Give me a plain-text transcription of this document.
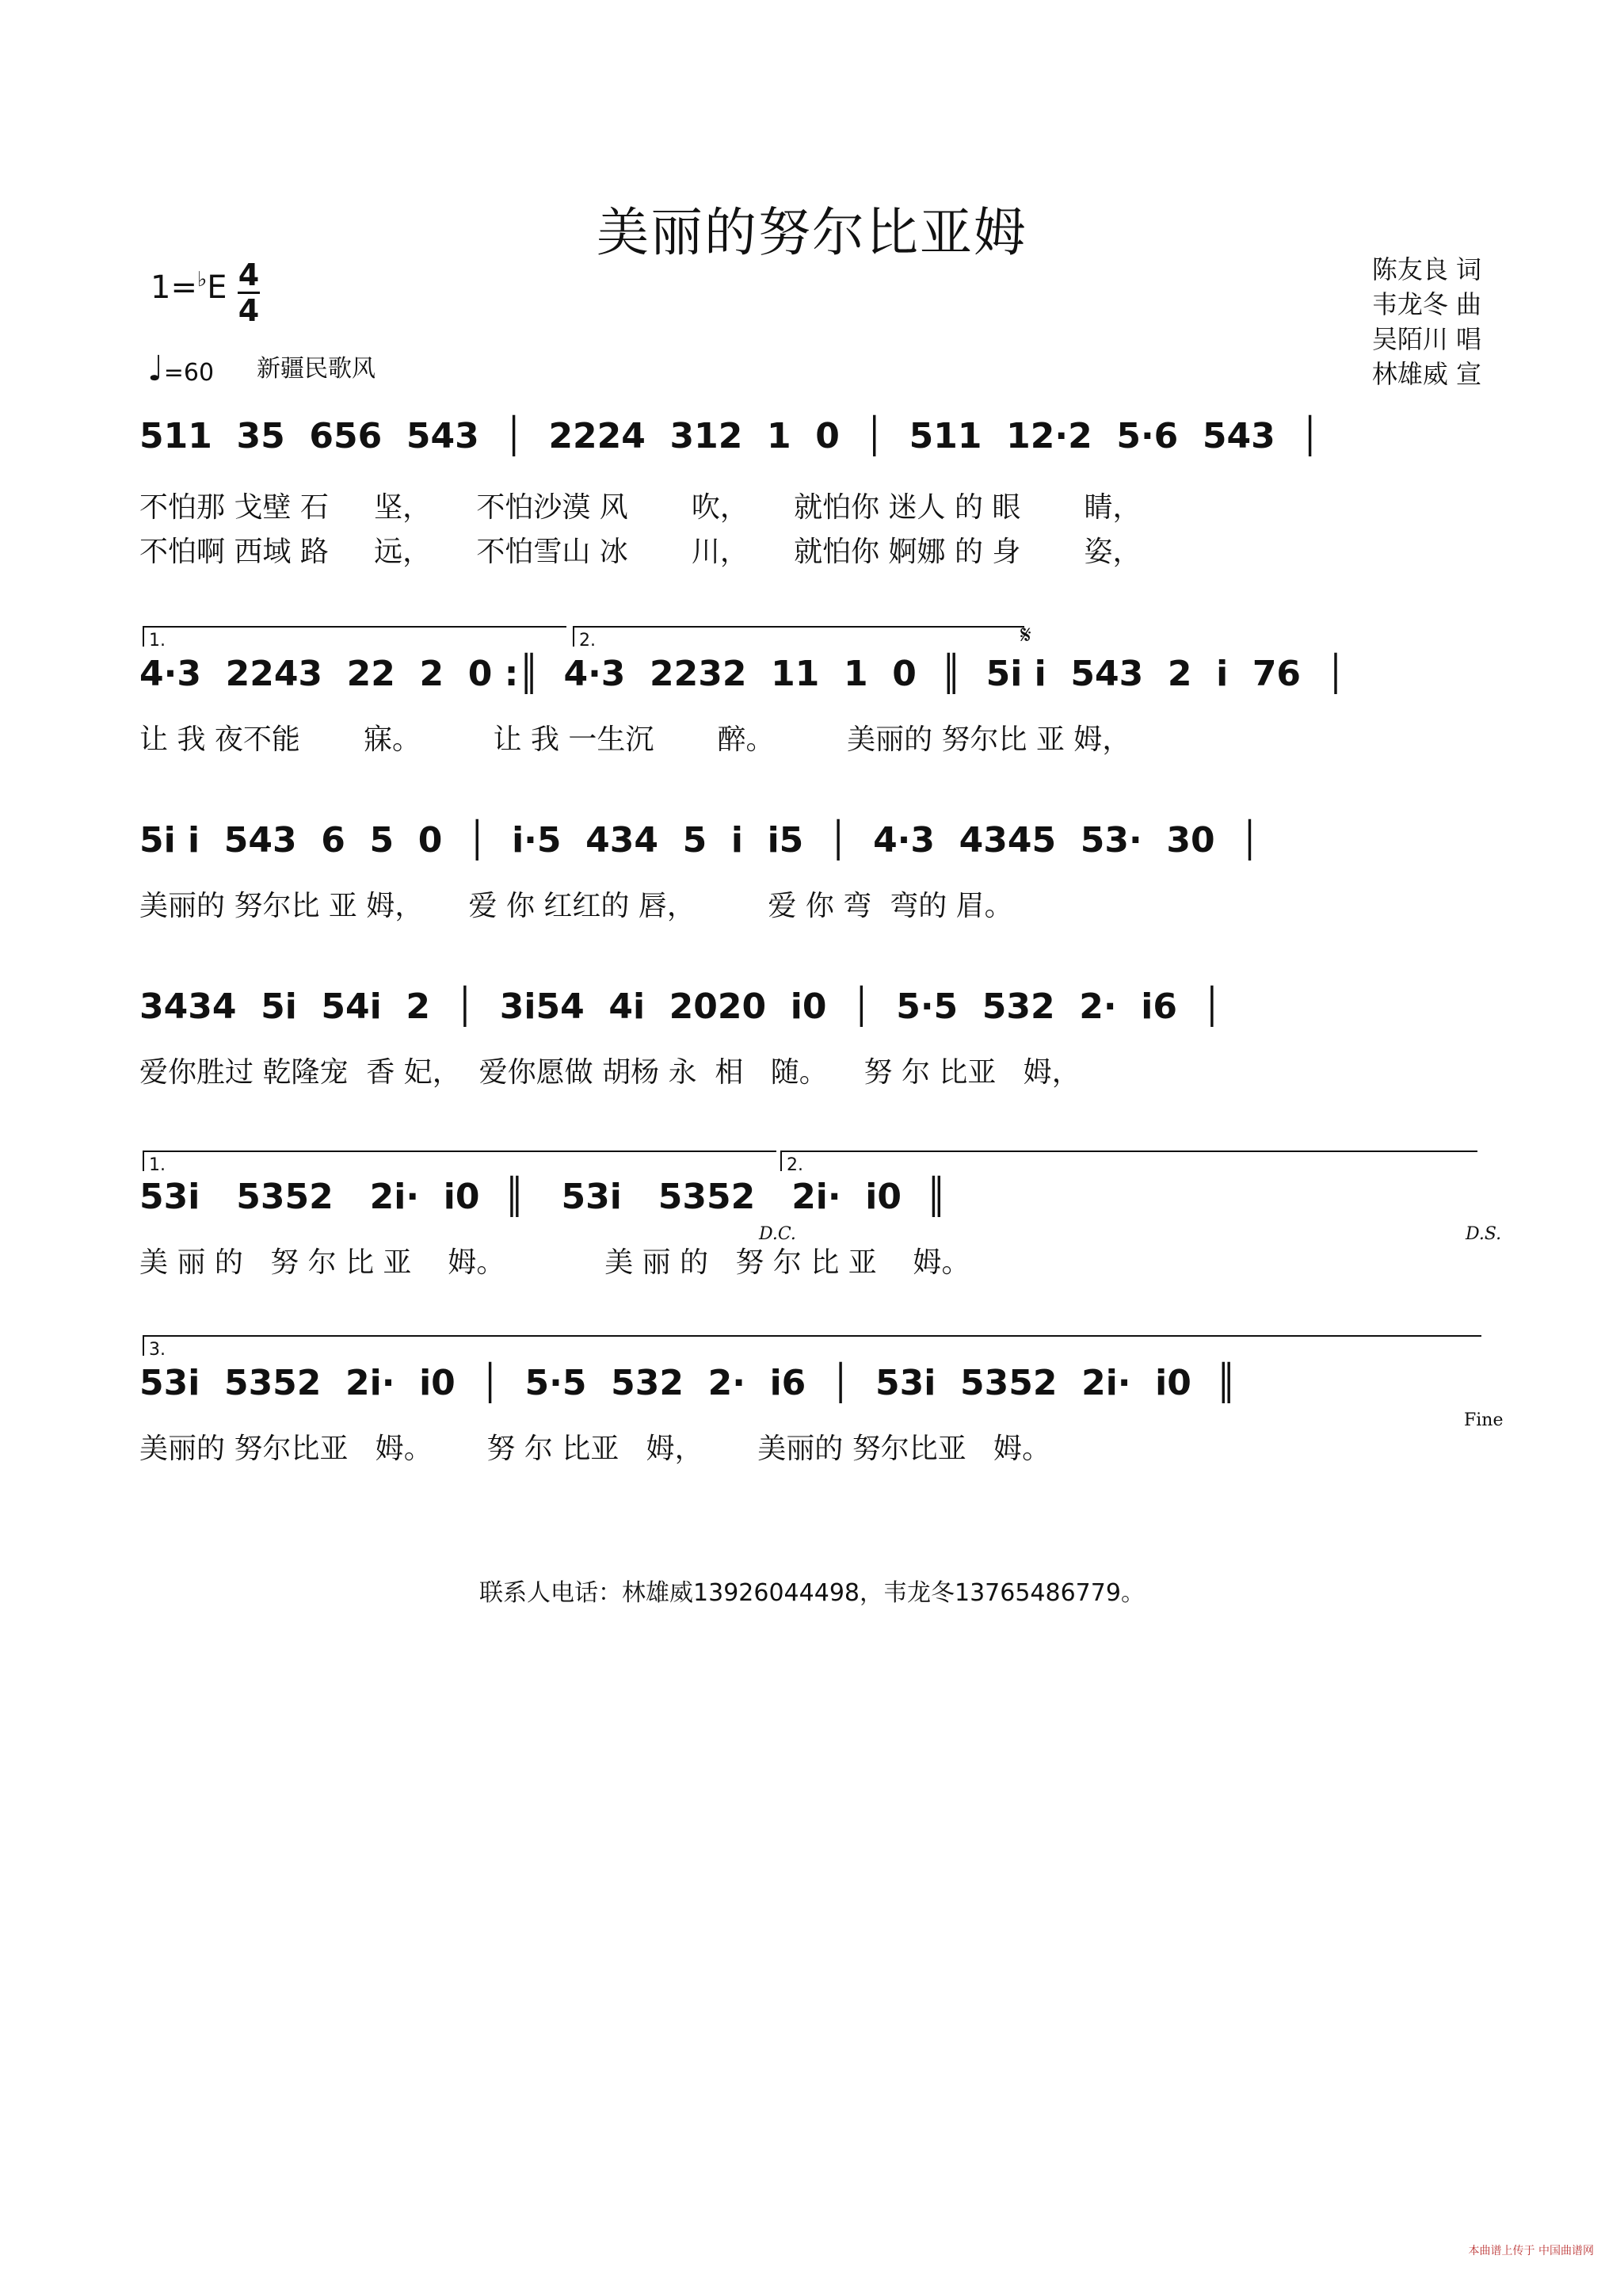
美丽的努尔比亚姆
陈友良 词
韦龙冬 曲
吴陌川 唱
林雄威 宣
1=♭E 4
4
♩=60 新疆民歌风
511  35  656  543  │  2224  312  1  0  │  511  12·2  5·6  543  │
不怕那 戈壁 石     坚，     不怕沙漠 风       吹，     就怕你 迷人 的 眼       睛，
不怕啊 西域 路     远，     不怕雪山 冰       川，     就怕你 婀娜 的 身       姿，
1.	2.	𝄋
4·3  2243  22  2  0 :║  4·3  2232  11  1  0  ║  5i i  543  2  i  76  │
让 我 夜不能       寐。        让 我 一生沉       醉。        美丽的 努尔比 亚 姆，
5i i  543  6  5  0  │  i·5  434  5  i  i5  │  4·3  4345  53·  30  │
美丽的 努尔比 亚 姆，     爱 你 红红的 唇，        爱 你 弯  弯的 眉。
3434  5i  54i  2  │  3i54  4i  2020  i0  │  5·5  532  2·  i6  │
爱你胜过 乾隆宠  香 妃，  爱你愿做 胡杨 永  相   随。    努 尔 比亚   姆，
1.	2.
53i   5352   2i·  i0  ║   53i   5352   2i·  i0  ║
D.C.	D.S.
美 丽 的   努 尔 比 亚    姆。           美 丽 的   努 尔 比 亚    姆。
3.
53i  5352  2i·  i0  │  5·5  532  2·  i6  │  53i  5352  2i·  i0  ║
Fine
美丽的 努尔比亚   姆。      努 尔 比亚   姆，      美丽的 努尔比亚   姆。
联系人电话：林雄威13926044498，韦龙冬13765486779。
本曲谱上传于 中国曲谱网
